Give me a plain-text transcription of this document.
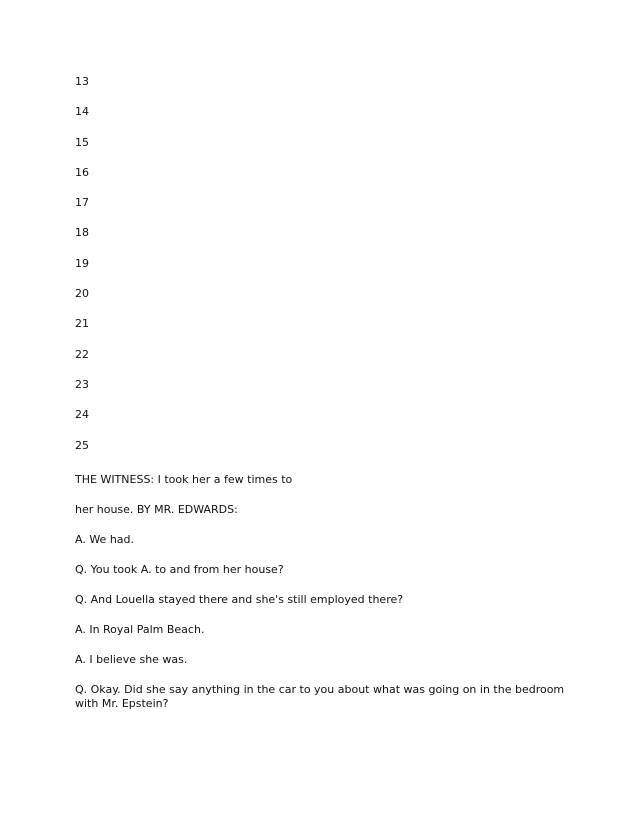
13
14
15
16
17
18
19
20
21
22
23
24
25

THE WITNESS: I took her a few times to

her house. BY MR. EDWARDS:

A. We had.

Q. You took A. to and from her house?

Q. And Louella stayed there and she's still employed there?

A. In Royal Palm Beach.

A. I believe she was.

Q. Okay. Did she say anything in the car to you about what was going on in the bedroom with Mr. Epstein?
